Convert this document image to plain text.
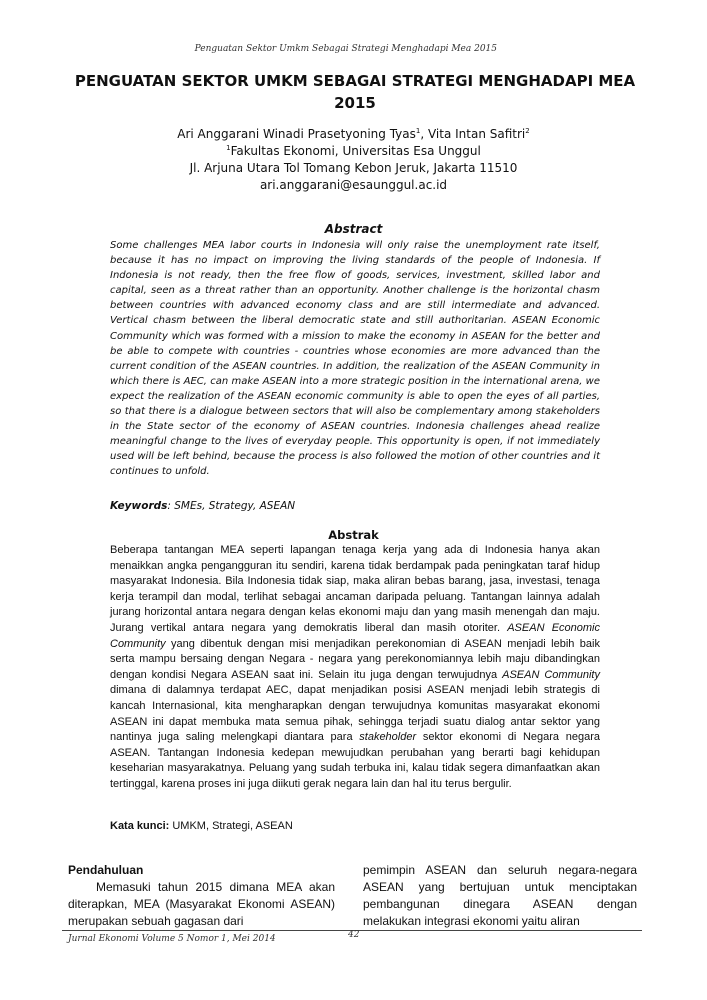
Penguatan Sektor Umkm Sebagai Strategi Menghadapi Mea 2015
PENGUATAN SEKTOR UMKM SEBAGAI STRATEGI MENGHADAPI MEA 2015
Ari Anggarani Winadi Prasetyoning Tyas$^1$, Vita Intan Safitri$^2$
$^1$Fakultas Ekonomi, Universitas Esa Unggul
Jl. Arjuna Utara Tol Tomang Kebon Jeruk, Jakarta 11510
ari.anggarani@esaunggul.ac.id
Abstract

Some challenges MEA labor courts in Indonesia will only raise the unemployment rate itself, because it has no impact on improving the living standards of the people of Indonesia. If Indonesia is not ready, then the free flow of goods, services, investment, skilled labor and capital, seen as a threat rather than an opportunity. Another challenge is the horizontal chasm between countries with advanced economy class and are still intermediate and advanced. Vertical chasm between the liberal democratic state and still authoritarian. ASEAN Economic Community which was formed with a mission to make the economy in ASEAN for the better and be able to compete with countries - countries whose economies are more advanced than the current condition of the ASEAN countries. In addition, the realization of the ASEAN Community in which there is AEC, can make ASEAN into a more strategic position in the international arena, we expect the realization of the ASEAN economic community is able to open the eyes of all parties, so that there is a dialogue between sectors that will also be complementary among stakeholders in the State sector of the economy of ASEAN countries. Indonesia challenges ahead realize meaningful change to the lives of everyday people. This opportunity is open, if not immediately used will be left behind, because the process is also followed the motion of other countries and it continues to unfold.

Keywords: SMEs, Strategy, ASEAN
Abstrak

Beberapa tantangan MEA seperti lapangan tenaga kerja yang ada di Indonesia hanya akan menaikkan angka pengangguran itu sendiri, karena tidak berdampak pada peningkatan taraf hidup masyarakat Indonesia. Bila Indonesia tidak siap, maka aliran bebas barang, jasa, investasi, tenaga kerja terampil dan modal, terlihat sebagai ancaman daripada peluang. Tantangan lainnya adalah jurang horizontal antara negara dengan kelas ekonomi maju dan yang masih menengah dan maju. Jurang vertikal antara negara yang demokratis liberal dan masih otoriter. ASEAN Economic Community yang dibentuk dengan misi menjadikan perekonomian di ASEAN menjadi lebih baik serta mampu bersaing dengan Negara - negara yang perekonomiannya lebih maju dibandingkan dengan kondisi Negara ASEAN saat ini. Selain itu juga dengan terwujudnya ASEAN Community dimana di dalamnya terdapat AEC, dapat menjadikan posisi ASEAN menjadi lebih strategis di kancah Internasional, kita mengharapkan dengan terwujudnya komunitas masyarakat ekonomi ASEAN ini dapat membuka mata semua pihak, sehingga terjadi suatu dialog antar sektor yang nantinya juga saling melengkapi diantara para stakeholder sektor ekonomi di Negara negara ASEAN. Tantangan Indonesia kedepan mewujudkan perubahan yang berarti bagi kehidupan keseharian masyarakatnya. Peluang yang sudah terbuka ini, kalau tidak segera dimanfaatkan akan tertinggal, karena proses ini juga diikuti gerak negara lain dan hal itu terus bergulir.

Kata kunci: UMKM, Strategi, ASEAN
Pendahuluan

Memasuki tahun 2015 dimana MEA akan diterapkan, MEA (Masyarakat Ekonomi ASEAN) merupakan sebuah gagasan dari

pemimpin ASEAN dan seluruh negara-negara ASEAN yang bertujuan untuk menciptakan pembangunan dinegara ASEAN dengan melakukan integrasi ekonomi yaitu aliran

Jurnal Ekonomi Volume 5 Nomor 1, Mei 2014	42
